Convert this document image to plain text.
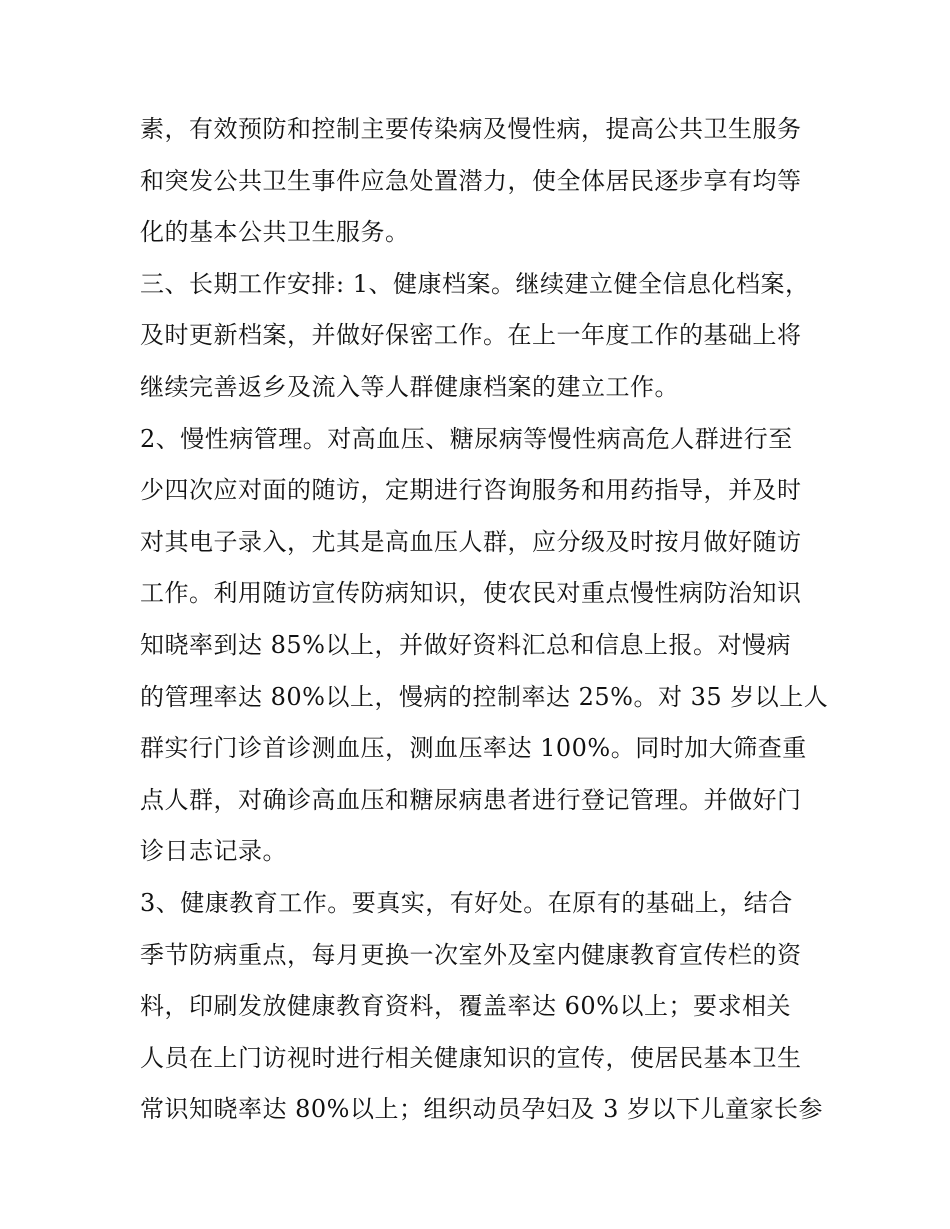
素，有效预防和控制主要传染病及慢性病，提高公共卫生服务
和突发公共卫生事件应急处置潜力，使全体居民逐步享有均等
化的基本公共卫生服务。
三、长期工作安排: 1、健康档案。继续建立健全信息化档案，
及时更新档案，并做好保密工作。在上一年度工作的基础上将
继续完善返乡及流入等人群健康档案的建立工作。
2、慢性病管理。对高血压、糖尿病等慢性病高危人群进行至
少四次应对面的随访，定期进行咨询服务和用药指导，并及时
对其电子录入，尤其是高血压人群，应分级及时按月做好随访
工作。利用随访宣传防病知识，使农民对重点慢性病防治知识
知晓率到达 85%以上，并做好资料汇总和信息上报。对慢病
的管理率达 80%以上，慢病的控制率达 25%。对 35 岁以上人
群实行门诊首诊测血压，测血压率达 100%。同时加大筛查重
点人群，对确诊高血压和糖尿病患者进行登记管理。并做好门
诊日志记录。
3、健康教育工作。要真实，有好处。在原有的基础上，结合
季节防病重点，每月更换一次室外及室内健康教育宣传栏的资
料，印刷发放健康教育资料，覆盖率达 60%以上；要求相关
人员在上门访视时进行相关健康知识的宣传，使居民基本卫生
常识知晓率达 80%以上；组织动员孕妇及 3 岁以下儿童家长参
